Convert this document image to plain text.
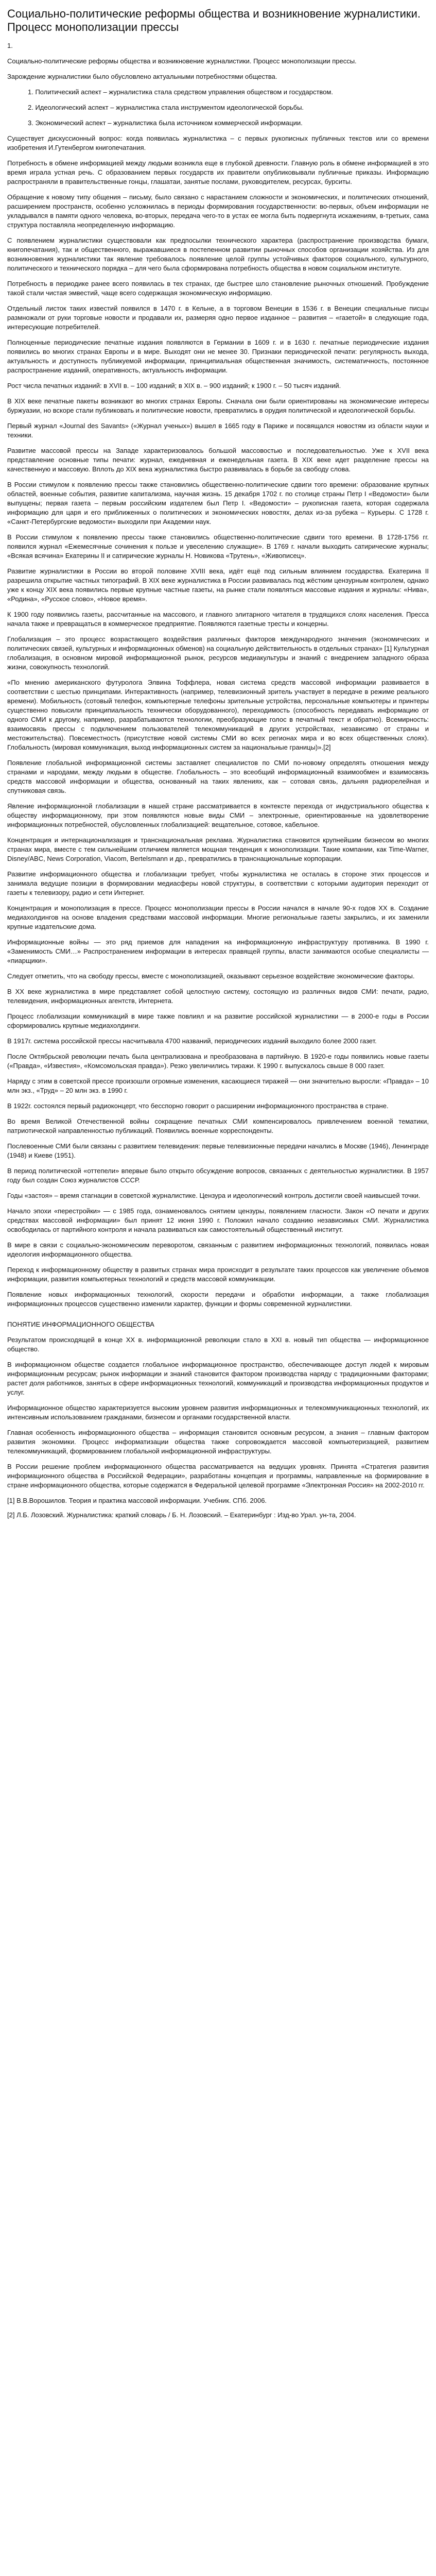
Социально-политические реформы общества и возникновение журналистики. Процесс монополизации прессы

1.

Социально-политические реформы общества и возникновение журналистики. Процесс монополизации прессы.

Зарождение журналистики было обусловлено актуальными потребностями общества.

1. Политический аспект – журналистика стала средством управления обществом и государством.

2. Идеологический аспект – журналистика стала инструментом идеологической борьбы.

3. Экономический аспект – журналистика была источником коммерческой информации.

Существует дискуссионный вопрос: когда появилась журналистика – с первых рукописных публичных текстов или со времени изобретения И.Гутенбергом книгопечатания.

Потребность в обмене информацией между людьми возникла еще в глубокой древности. Главную роль в обмене информацией в это время играла устная речь. С образованием первых государств их правители опубликовывали публичные приказы. Информацию распространяли в правительственные гонцы, глашатаи, занятые послами, руководителем, ресурсах, бурситы.

Обращение к новому типу общения – письму, было связано с нарастанием сложности и экономических, и политических отношений, расширением пространств, особенно усложнилась в периоды формирования государственности: во-первых, объем информации не укладывался в памяти одного человека, во-вторых, передача чего-то в устах ее могла быть подвергнута искажениям, в-третьих, сама структура поставляла неопределенную информацию.

С появлением журналистики существовали как предпосылки технического характера (распространение производства бумаги, книгопечатания), так и общественного, выражавшиеся в постепенном развитии рыночных способов организации хозяйства. Из для возникновения журналистики так явление требовалось появление целой группы устойчивых факторов социального, культурного, политического и технического порядка – для чего была сформирована потребность общества в новом социальном институте.

Потребность в периодике ранее всего появилась в тех странах, где быстрее шло становление рыночных отношений. Пробуждение такой стали чистая эмвестий, чаще всего содержащая экономическую информацию.

Отдельный листок таких известий появился в 1470 г. в Кельне, а в торговом Венеции в 1536 г. в Венеции специальные писцы размножали от руки торговые новости и продавали их, размеряя одно первое изданное – развития – «газетой» в следующие года, интересующие потребителей.

Полноценные периодические печатные издания появляются в Германии в 1609 г. и в 1630 г. печатные периодические издания появились во многих странах Европы и в мире. Выходят они не менее 30. Признаки периодической печати: регулярность выхода, актуальность и доступность публикуемой информации, принципиальная общественная значимость, систематичность, постоянное распространение изданий, оперативность, актуальность информации.

Рост числа печатных изданий: в XVII в. – 100 изданий; в XIX в. – 900 изданий; к 1900 г. – 50 тысяч изданий.

В XIX веке печатные пакеты возникают во многих странах Европы. Сначала они были ориентированы на экономические интересы буржуазии, но вскоре стали публиковать и политические новости, превратились в орудия политической и идеологической борьбы.

Первый журнал «Journal des Savants» («Журнал ученых») вышел в 1665 году в Париже и посвящался новостям из области науки и техники.

Развитие массовой прессы на Западе характеризовалось большой массовостью и последовательностью. Уже к XVII века представление основные типы печати: журнал, ежедневная и еженедельная газета. В XIX веке идет разделение прессы на качественную и массовую. Вплоть до XIX века журналистика быстро развивалась в борьбе за свободу слова.

В России стимулом к появлению прессы также становились общественно-политические сдвиги того времени: образование крупных областей, военные события, развитие капитализма, научная жизнь. 15 декабря 1702 г. по столице страны Петр I «Ведомости» были выпущены; первая газета – первым российским издателем был Петр I. «Ведомости» – рукописная газета, которая содержала информацию для царя и его приближенных о политических и экономических новостях, делах из-за рубежа – Курьеры. С 1728 г. «Санкт-Петербургские ведомости» выходили при Академии наук.

В России стимулом к появлению прессы также становились общественно-политические сдвиги того времени. В 1728-1756 гг. появился журнал «Ежемесячные сочинения к пользе и увеселению служащие». В 1769 г. начали выходить сатирические журналы; «Всякая всячина» Екатерины II и сатирические журналы Н. Новикова «Трутень», «Живописец».

Развитие журналистики в России во второй половине XVIII века, идёт ещё под сильным влиянием государства. Екатерина II разрешила открытие частных типографий. В XIX веке журналистика в России развивалась под жёстким цензурным контролем, однако уже к концу XIX века появились первые крупные частные газеты, на рынке стали появляться массовые издания и журналы: «Нива», «Родина», «Русское слово», «Новое время».

К 1900 году появились газеты, рассчитанные на массового, и главного элитарного читателя в трудящихся слоях населения. Пресса начала также и превращаться в коммерческое предприятие. Появляются газетные тресты и концерны.

Глобализация – это процесс возрастающего воздействия различных факторов международного значения (экономических и политических связей, культурных и информационных обменов) на социальную действительность в отдельных странах» [1] Культурная глобализация, в основном мировой информационной рынок, ресурсов медиакультуры и знаний с внедрением западного образа жизни, совокупность технологий.

«По мнению американского футуролога Элвина Тоффлера, новая система средств массовой информации развивается в соответствии с шестью принципами. Интерактивность (например, телевизионный зритель участвует в передаче в режиме реального времени). Мобильность (сотовый телефон, компьютерные телефоны зрительные устройства, персональные компьютеры и принтеры существенно повысили принципиальность технически оборудованного), переходимость (способность передавать информацию от одного СМИ к другому, например, разрабатываются технологии, преобразующие голос в печатный текст и обратно). Всемирность: взаимосвязь прессы с подключением пользователей телекоммуникаций в других устройствах, независимо от страны и местожительства). Повсеместность (присутствие новой системы СМИ во всех регионах мира и во всех общественных слоях). Глобальность (мировая коммуникация, выход информационных систем за национальные границы)».[2]

Появление глобальной информационной системы заставляет специалистов по СМИ по-новому определять отношения между странами и народами, между людьми в обществе. Глобальность – это всеобщий информационный взаимообмен и взаимосвязь средств массовой информации и общества, основанный на таких явлениях, как – сотовая связь, дальняя радиорелейная и спутниковая связь.

Явление информационной глобализации в нашей стране рассматривается в контексте перехода от индустриального общества к обществу информационному, при этом появляются новые виды СМИ – электронные, ориентированные на удовлетворение информационных потребностей, обусловленных глобализацией: вещательное, сотовое, кабельное.

Концентрация и интернационализация и транснациональная реклама. Журналистика становится крупнейшим бизнесом во многих странах мира, вместе с тем сильнейшим отличием является мощная тенденция к монополизации. Такие компании, как Time-Warner, Disney/ABC, News Corporation, Viacom, Bertelsmann и др., превратились в транснациональные корпорации.

Развитие информационного общества и глобализации требует, чтобы журналистика не осталась в стороне этих процессов и занимала ведущие позиции в формировании медиасферы новой структуры, в соответствии с которыми аудитория переходит от газеты к телевизору, радио и сети Интернет.

Концентрация и монополизация в прессе. Процесс монополизации прессы в России начался в начале 90-х годов XX в. Создание медиахолдингов на основе владения средствами массовой информации. Многие региональные газеты закрылись, и их заменили крупные издательские дома.

Информационные войны — это ряд приемов для нападения на информационную инфраструктуру противника. В 1990 г. «Заменимость СМИ…» Распространением информации в интересах правящей группы, власти занимаются особые специалисты — «пиарщики».

Следует отметить, что на свободу прессы, вместе с монополизацией, оказывают серьезное воздействие экономические факторы.

В XX веке журналистика в мире представляет собой целостную систему, состоящую из различных видов СМИ: печати, радио, телевидения, информационных агентств, Интернета.

Процесс глобализации коммуникаций в мире также повлиял и на развитие российской журналистики — в 2000-е годы в России сформировались крупные медиахолдинги.

В 1917г. система российской прессы насчитывала 4700 названий, периодических изданий выходило более 2000 газет.

После Октябрьской революции печать была централизована и преобразована в партийную. В 1920-е годы появились новые газеты («Правда», «Известия», «Комсомольская правда»). Резко увеличились тиражи. К 1990 г. выпускалось свыше 8 000 газет.

Наряду с этим в советской прессе произошли огромные изменения, касающиеся тиражей — они значительно выросли: «Правда» – 10 млн экз., «Труд» – 20 млн экз. в 1990 г.

В 1922г. состоялся первый радиоконцерт, что бесспорно говорит о расширении информационного пространства в стране.

Во время Великой Отечественной войны сокращение печатных СМИ компенсировалось привлечением военной тематики, патриотической направленностью публикаций. Появились военные корреспонденты.

Послевоенные СМИ были связаны с развитием телевидения: первые телевизионные передачи начались в Москве (1946), Ленинграде (1948) и Киеве (1951).

В период политической «оттепели» впервые было открыто обсуждение вопросов, связанных с деятельностью журналистики. В 1957 году был создан Союз журналистов СССР.

Годы «застоя» – время стагнации в советской журналистике. Цензура и идеологический контроль достигли своей наивысшей точки.

Начало эпохи «перестройки» — с 1985 года, ознаменовалось снятием цензуры, появлением гласности. Закон «О печати и других средствах массовой информации» был принят 12 июня 1990 г. Положил начало созданию независимых СМИ. Журналистика освободилась от партийного контроля и начала развиваться как самостоятельный общественный институт.

В мире в связи с социально-экономическим переворотом, связанным с развитием информационных технологий, появилась новая идеология информационного общества.

Переход к информационному обществу в развитых странах мира происходит в результате таких процессов как увеличение объемов информации, развития компьютерных технологий и средств массовой коммуникации.

Появление новых информационных технологий, скорости передачи и обработки информации, а также глобализация информационных процессов существенно изменили характер, функции и формы современной журналистики.

ПОНЯТИЕ ИНФОРМАЦИОННОГО ОБЩЕСТВА

Результатом происходящей в конце XX в. информационной революции стало в XXI в. новый тип общества — информационное общество.

В информационном обществе создается глобальное информационное пространство, обеспечивающее доступ людей к мировым информационным ресурсам; рынок информации и знаний становится фактором производства наряду с традиционными факторами; растет доля работников, занятых в сфере информационных технологий, коммуникаций и производства информационных продуктов и услуг.

Информационное общество характеризуется высоким уровнем развития информационных и телекоммуникационных технологий, их интенсивным использованием гражданами, бизнесом и органами государственной власти.

Главная особенность информационного общества – информация становится основным ресурсом, а знания – главным фактором развития экономики. Процесс информатизации общества также сопровождается массовой компьютеризацией, развитием телекоммуникаций, формированием глобальной информационной инфраструктуры.

В России решение проблем информационного общества рассматривается на ведущих уровнях. Принята «Стратегия развития информационного общества в Российской Федерации», разработаны концепция и программы, направленные на формирование в стране информационного общества, которые содержатся в Федеральной целевой программе «Электронная Россия» на 2002-2010 гг.

[1] В.В.Ворошилов. Теория и практика массовой информации. Учебник. СПб. 2006.

[2] Л.Б. Лозовский. Журналистика: краткий словарь / Б. Н. Лозовский. – Екатеринбург : Изд-во Урал. ун-та, 2004.
